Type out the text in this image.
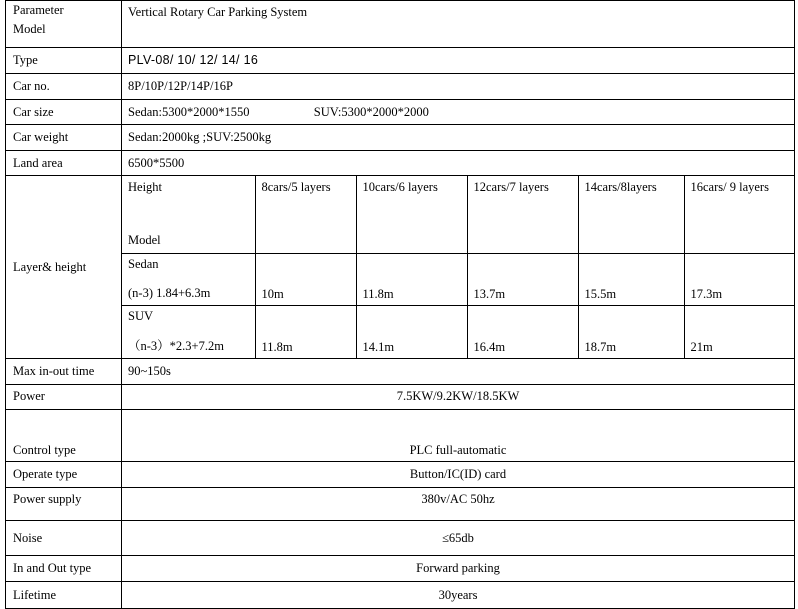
Parameter
Model
	Vertical Rotary Car Parking System
Type	PLV-08/ 10/ 12/ 14/ 16
Car no.	8P/10P/12P/14P/16P
Car size	Sedan:5300*2000*1550	SUV:5300*2000*2000
Car weight	Sedan:2000kg ;SUV:2500kg
Land area	6500*5500
Layer& height	
Height
Model
	8cars/5 layers	10cars/6 layers	12cars/7 layers	14cars/8layers	16cars/ 9 layers

Sedan
(n-3) 1.84+6.3m	10m	11.8m	13.7m	15.5m	17.3m

SUV
（n-3）*2.3+7.2m	11.8m	14.1m	16.4m	18.7m	21m

Max in-out time	90~150s
Power	7.5KW/9.2KW/18.5KW
Control type	PLC full-automatic
Operate type	Button/IC(ID) card
Power supply	380v/AC 50hz
Noise	≤65db
In and Out type	Forward parking
Lifetime	30years
